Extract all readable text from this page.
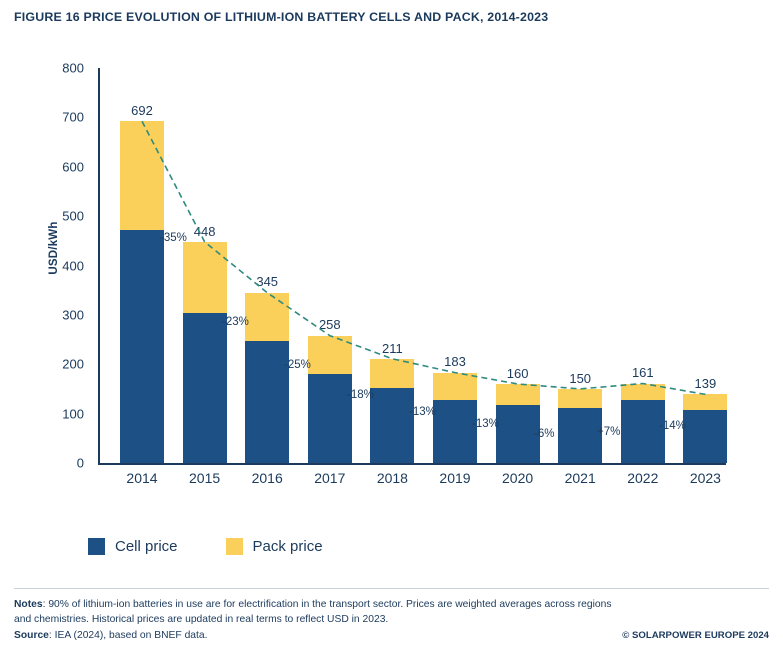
FIGURE 16 PRICE EVOLUTION OF LITHIUM-ION BATTERY CELLS AND PACK, 2014-2023
USD/kWh
0
100
200
300
400
500
600
700
800
692
448
345
258
211
183
160	150	161
139
-35%
-23%
-25%
-18%
-13%
-13%
-6%	+7%	-14%
2014	2015	2016	2017	2018	2019	2020	2021	2022	2023
Cell price	Pack price
Notes: 90% of lithium-ion batteries in use are for electrification in the transport sector. Prices are weighted averages across regions and chemistries. Historical prices are updated in real terms to reflect USD in 2023.
Source: IEA (2024), based on BNEF data.	© SOLARPOWER EUROPE 2024
